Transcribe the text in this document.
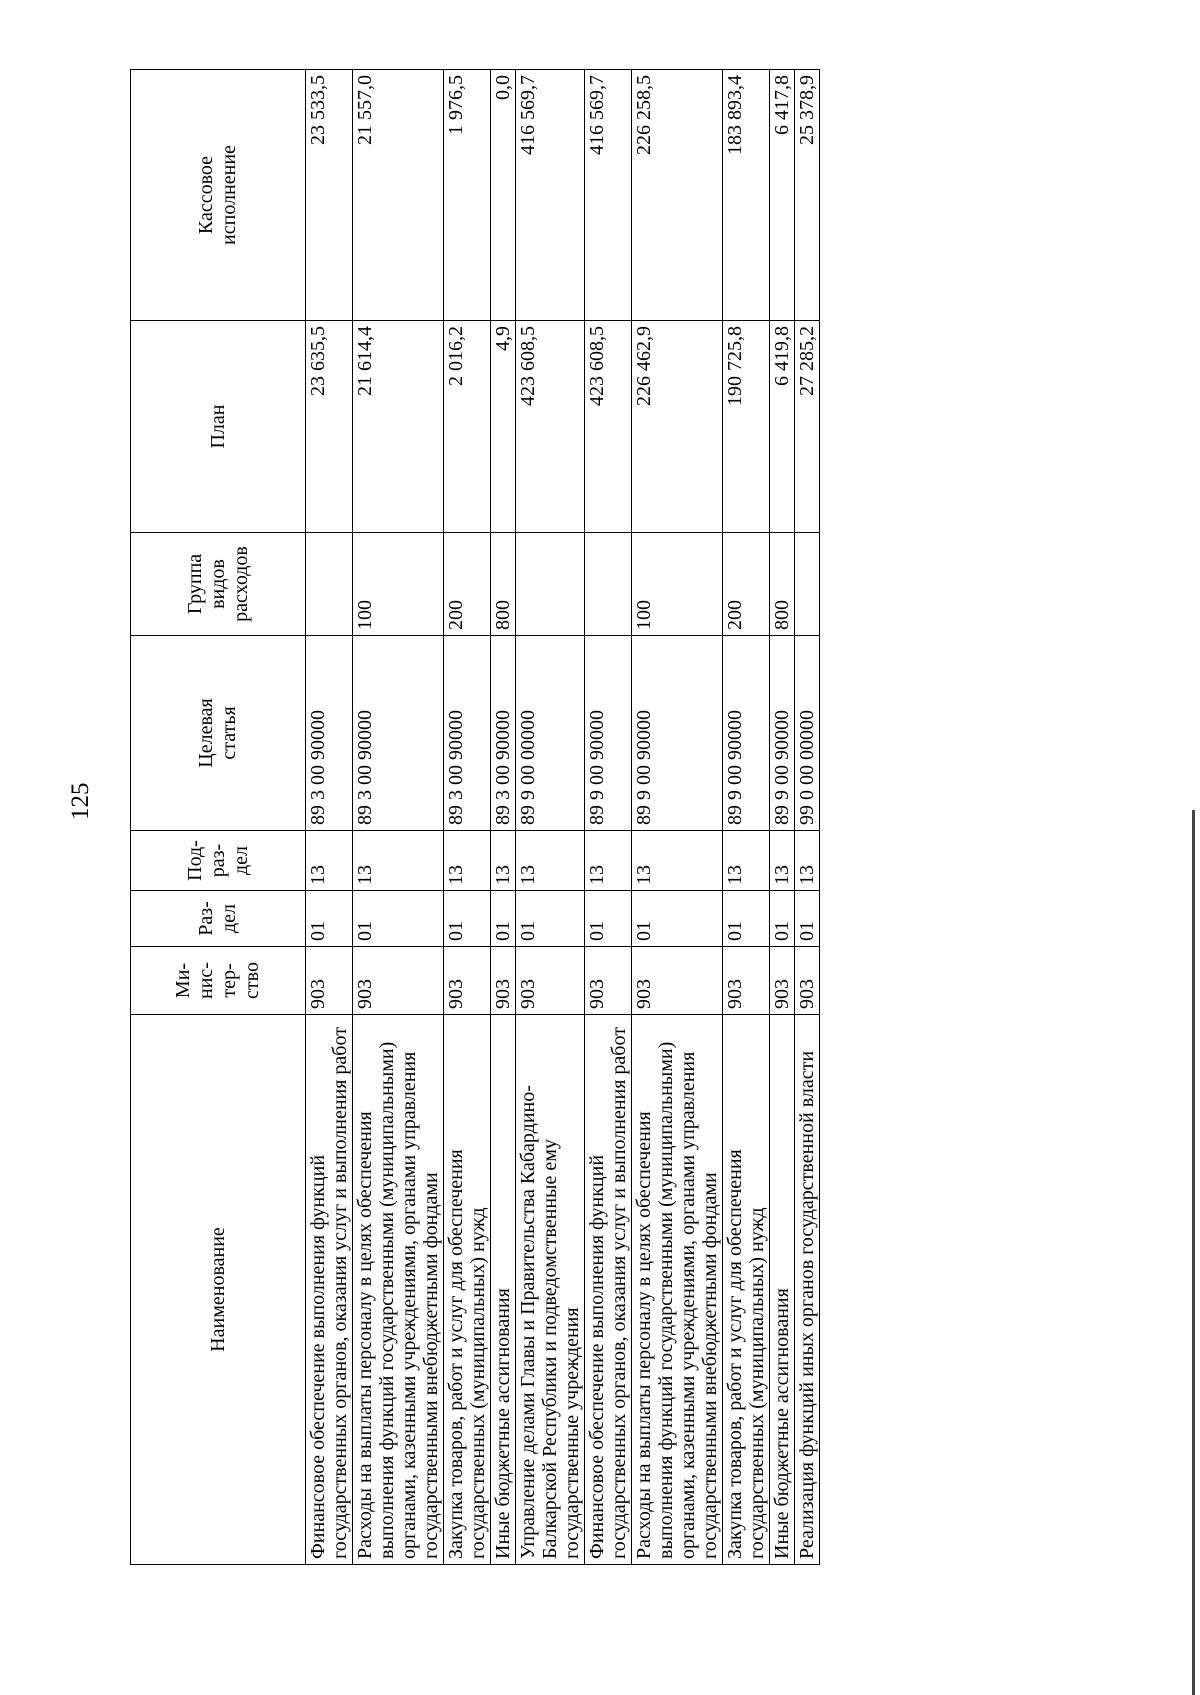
125
Наименование	Ми-
нис-
тер-
ство	Раз-
дел	Под-
раз-
дел	Целевая
статья	Группа
видов
расходов	План	Кассовое
исполнение
Финансовое обеспечение выполнения функций государственных органов, оказания услуг и выполнения работ	903	01	13	89 3 00 90000		23 635,5	23 533,5
Расходы на выплаты персоналу в целях обеспечения выполнения функций государственными (муниципальными) органами, казенными учреждениями, органами управления государственными внебюджетными фондами	903	01	13	89 3 00 90000	100	21 614,4	21 557,0
Закупка товаров, работ и услуг для обеспечения государственных (муниципальных) нужд	903	01	13	89 3 00 90000	200	2 016,2	1 976,5
Иные бюджетные ассигнования	903	01	13	89 3 00 90000	800	4,9	0,0
Управление делами Главы и Правительства Кабардино-Балкарской Республики и подведомственные ему государственные учреждения	903	01	13	89 9 00 00000		423 608,5	416 569,7
Финансовое обеспечение выполнения функций государственных органов, оказания услуг и выполнения работ	903	01	13	89 9 00 90000		423 608,5	416 569,7
Расходы на выплаты персоналу в целях обеспечения выполнения функций государственными (муниципальными) органами, казенными учреждениями, органами управления государственными внебюджетными фондами	903	01	13	89 9 00 90000	100	226 462,9	226 258,5
Закупка товаров, работ и услуг для обеспечения государственных (муниципальных) нужд	903	01	13	89 9 00 90000	200	190 725,8	183 893,4
Иные бюджетные ассигнования	903	01	13	89 9 00 90000	800	6 419,8	6 417,8
Реализация функций иных органов государственной власти	903	01	13	99 0 00 00000		27 285,2	25 378,9
